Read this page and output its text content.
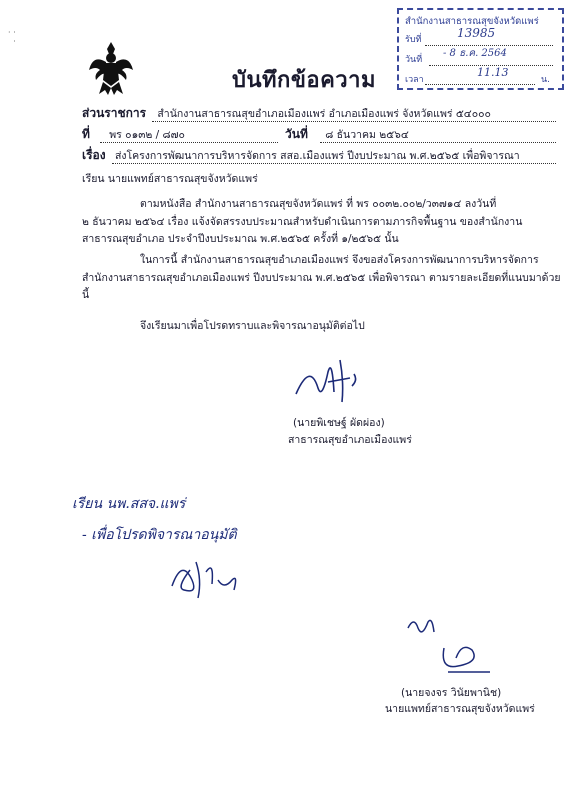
สำนักงานสาธารณสุขจังหวัดแพร่
รับที่	13985
วันที่
- 8 ธ.ค. 2564
เวลา
11.13
น.
· ·
·
บันทึกข้อความ
ส่วนราชการ สำนักงานสาธารณสุขอำเภอเมืองแพร่ อำเภอเมืองแพร่ จังหวัดแพร่ ๕๔๐๐๐
ที่ พร ๐๑๓๒ / ๘๗๐	วันที่ ๘ ธันวาคม ๒๕๖๔
เรื่อง ส่งโครงการพัฒนาการบริหารจัดการ สสอ.เมืองแพร่ ปีงบประมาณ พ.ศ.๒๕๖๕ เพื่อพิจารณา
เรียน นายแพทย์สาธารณสุขจังหวัดแพร่
ตามหนังสือ สำนักงานสาธารณสุขจังหวัดแพร่ ที่ พร ๐๐๓๒.๐๐๒/ว๓๗๑๔ ลงวันที่
๒ ธันวาคม ๒๕๖๔ เรื่อง แจ้งจัดสรรงบประมาณสำหรับดำเนินการตามภารกิจพื้นฐาน ของสำนักงาน
สาธารณสุขอำเภอ ประจำปีงบประมาณ พ.ศ.๒๕๖๕ ครั้งที่ ๑/๒๕๖๕ นั้น
ในการนี้ สำนักงานสาธารณสุขอำเภอเมืองแพร่ จึงขอส่งโครงการพัฒนาการบริหารจัดการ
สำนักงานสาธารณสุขอำเภอเมืองแพร่ ปีงบประมาณ พ.ศ.๒๕๖๕ เพื่อพิจารณา ตามรายละเอียดที่แนบมาด้วย
นี้
จึงเรียนมาเพื่อโปรดทราบและพิจารณาอนุมัติต่อไป
(นายพิเชษฐ์ ผัดผ่อง)
สาธารณสุขอำเภอเมืองแพร่
เรียน นพ.สสจ.แพร่
- เพื่อโปรดพิจารณาอนุมัติ
(นายจงจร วินัยพานิช)
นายแพทย์สาธารณสุขจังหวัดแพร่
